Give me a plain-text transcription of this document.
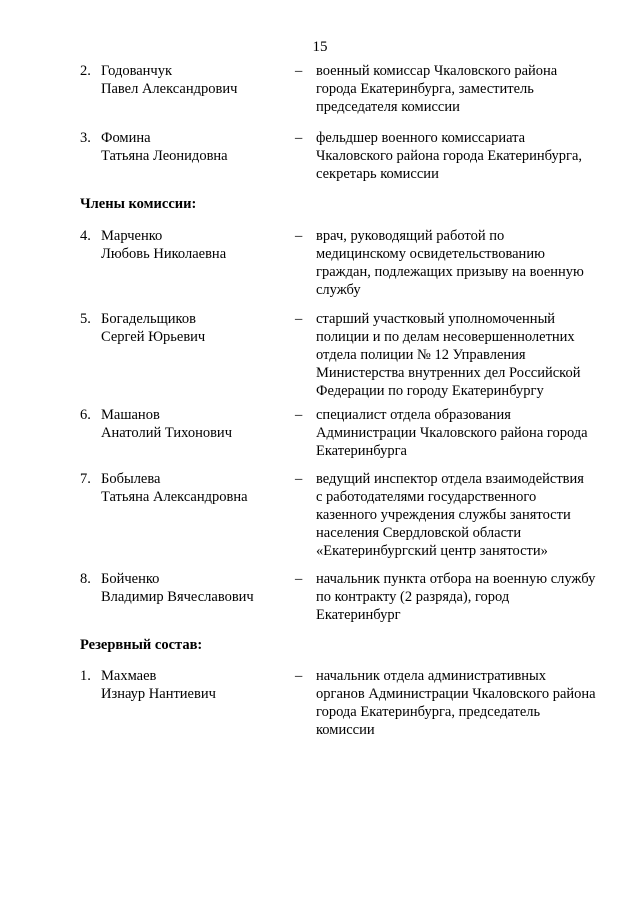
15
2. Годованчук
Павел Александрович
– военный комиссар Чкаловского района
города Екатеринбурга, заместитель
председателя комиссии
3. Фомина
Татьяна Леонидовна
– фельдшер военного комиссариата
Чкаловского района города Екатеринбурга,
секретарь комиссии
Члены комиссии:
4. Марченко
Любовь Николаевна
– врач, руководящий работой по
медицинскому освидетельствованию
граждан, подлежащих призыву на военную
службу
5. Богадельщиков
Сергей Юрьевич
– старший участковый уполномоченный
полиции и по делам несовершеннолетних
отдела полиции № 12 Управления
Министерства внутренних дел Российской
Федерации по городу Екатеринбургу
6. Машанов
Анатолий Тихонович
– специалист отдела образования
Администрации Чкаловского района города
Екатеринбурга
7. Бобылева
Татьяна Александровна
– ведущий инспектор отдела взаимодействия
с работодателями государственного
казенного учреждения службы занятости
населения Свердловской области
«Екатеринбургский центр занятости»
8. Бойченко
Владимир Вячеславович
– начальник пункта отбора на военную службу
по контракту (2 разряда), город
Екатеринбург
Резервный состав:
1. Махмаев
Изнаур Нантиевич
– начальник отдела административных
органов Администрации Чкаловского района
города Екатеринбурга, председатель
комиссии
